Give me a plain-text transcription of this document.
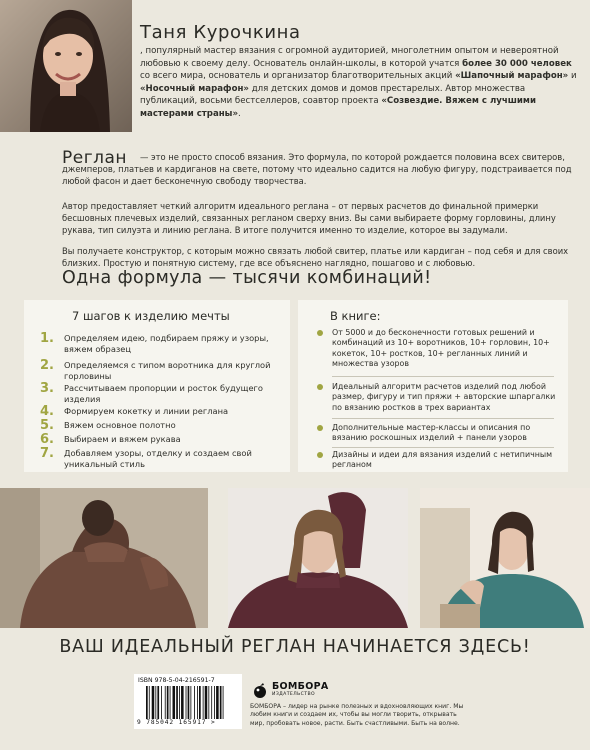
Таня Курочкина
, популярный мастер вязания с огромной аудиторией, многолетним опытом и невероятной любовью к своему делу. Основатель онлайн-школы, в которой учатся более 30 000 человек со всего мира, основатель и организатор благотворительных акций «Шапочный марафон» и «Носочный марафон» для детских домов и домов престарелых. Автор множества публикаций, восьми бестселлеров, соавтор проекта «Созвездие. Вяжем с лучшими мастерами страны».
Реглан	— это не просто способ вязания. Это формула, по которой рождается половина всех свитеров, джемперов, платьев и кардиганов на свете, потому что идеально садится на любую фигуру, подстраивается под любой фасон и дает бесконечную свободу творчества.
Автор предоставляет четкий алгоритм идеального реглана – от первых расчетов до финальной примерки бесшовных плечевых изделий, связанных регланом сверху вниз. Вы сами выбираете форму горловины, длину рукава, тип силуэта и линию реглана. В итоге получится именно то изделие, которое вы задумали.
Вы получаете конструктор, с которым можно связать любой свитер, платье или кардиган – под себя и для своих близких. Простую и понятную систему, где все объяснено наглядно, пошагово и с любовью.
Одна формула — тысячи комбинаций!
7 шагов к изделию мечты
1.	Определяем идею, подбираем пряжу и узоры, вяжем образец
2.	Определяемся с типом воротника для круглой горловины
3.	Рассчитываем пропорции и росток будущего изделия
4.	Формируем кокетку и линии реглана
5.	Вяжем основное полотно
6.	Выбираем и вяжем рукава
7.	Добавляем узоры, отделку и создаем свой уникальный стиль
В книге:
От 5000 и до бесконечности готовых решений и комбинаций из 10+ воротников, 10+ горловин, 10+ кокеток, 10+ ростков, 10+ регланных линий и множества узоров
Идеальный алгоритм расчетов изделий под любой размер, фигуру и тип пряжи + авторские шпаргалки по вязанию ростков в трех вариантах
Дополнительные мастер-классы и описания по вязанию роскошных изделий + панели узоров
Дизайны и идеи для вязания изделий с нетипичным регланом
ВАШ ИДЕАЛЬНЫЙ РЕГЛАН НАЧИНАЕТСЯ ЗДЕСЬ!
ISBN 978-5-04-216591-7
9 785042 165917 >
БОМБОРА
ИЗДАТЕЛЬСТВО
БОМБОРА – лидер на рынке полезных и вдохновляющих книг. Мы любим книги и создаем их, чтобы вы могли творить, открывать мир, пробовать новое, расти. Быть счастливыми. Быть на волне.
